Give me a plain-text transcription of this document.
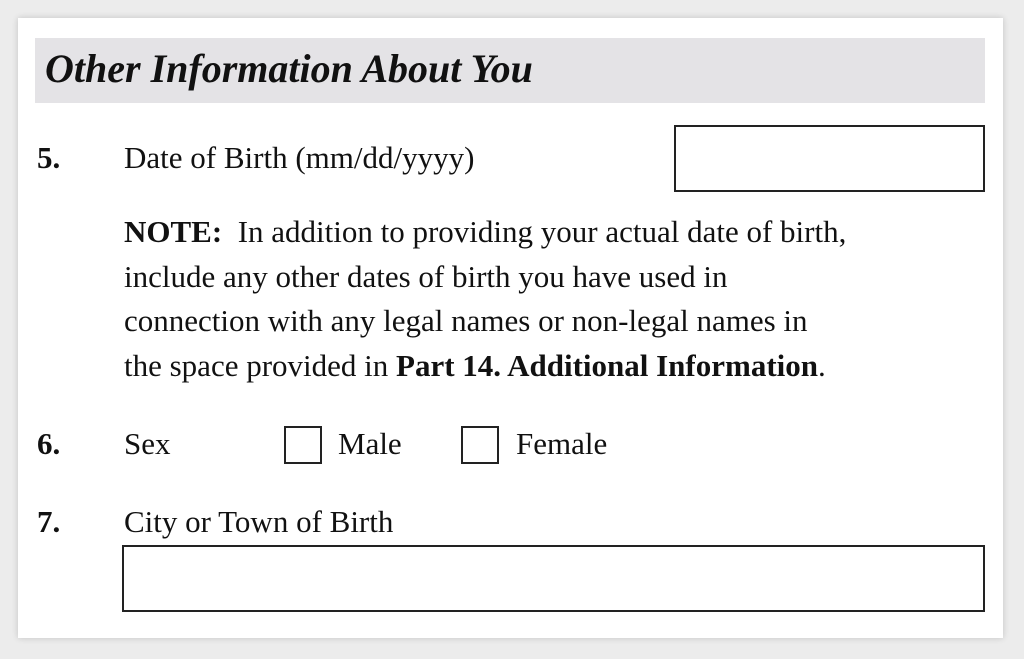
Other Information About You
5. Date of Birth (mm/dd/yyyy)
NOTE: In addition to providing your actual date of birth,
include any other dates of birth you have used in
connection with any legal names or non-legal names in
the space provided in Part 14. Additional Information.
6. Sex	Male	Female
7. City or Town of Birth
